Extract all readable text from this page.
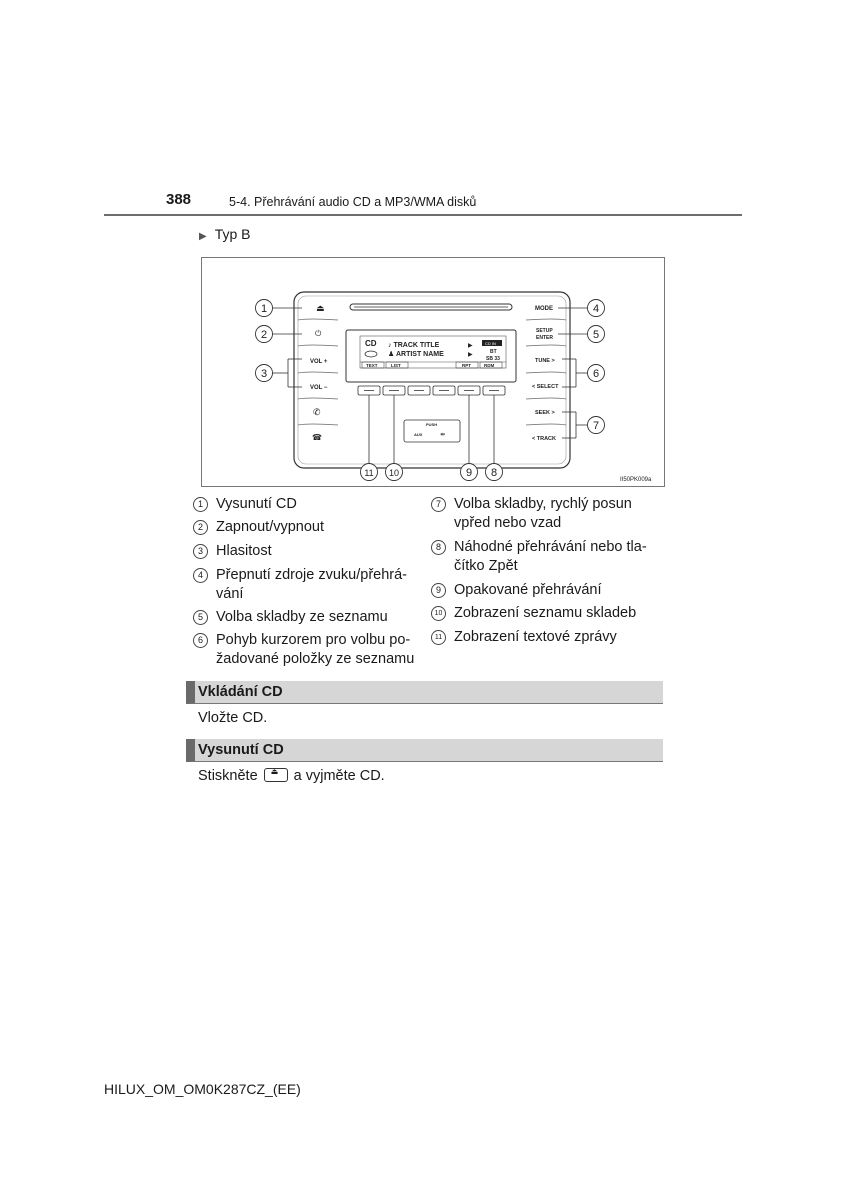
388	5-4. Přehrávání audio CD a MP3/WMA disků
▶ Typ B
⏏
⏻
VOL +
VOL −
✆
☎
MODE
SETUP
ENTER
TUNE >
< SELECT
SEEK >
< TRACK
CD ♪ TRACK TITLE
♟ ARTIST NAME
▶
▶
CD IN
BT
SB 33
TEXT	LIST	RPT	RDM
PUSH
AUX	⇹
1
2
3
4
5
6
7
8
9
10
11
II50PK009a
1 Vysunutí CD
2 Zapnout/vypnout
3 Hlasitost
4 Přepnutí zdroje zvuku/přehrá-
vání
5 Volba skladby ze seznamu
6 Pohyb kurzorem pro volbu po-
žadované položky ze seznamu
7 Volba skladby, rychlý posun
vpřed nebo vzad
8 Náhodné přehrávání nebo tla-
čítko Zpět
9 Opakované přehrávání
10 Zobrazení seznamu skladeb
11 Zobrazení textové zprávy
Vkládání CD
Vložte CD.
Vysunutí CD
Stiskněte⏏ a vyjměte CD.
HILUX_OM_OM0K287CZ_(EE)
